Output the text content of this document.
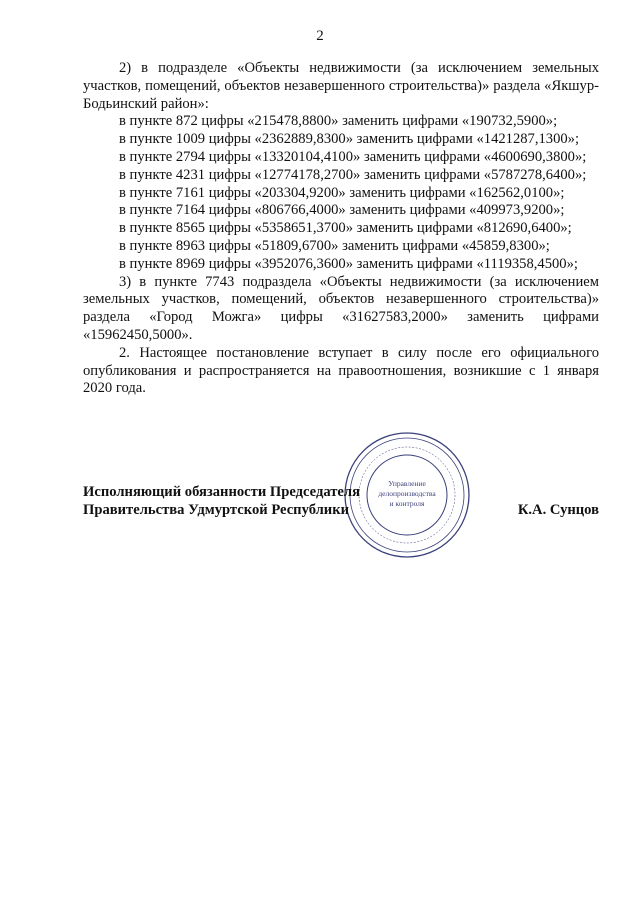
2

2) в подразделе «Объекты недвижимости (за исключением земельных участков, помещений, объектов незавершенного строительства)» раздела «Якшур-Бодьинский район»:

в пункте 872 цифры «215478,8800» заменить цифрами «190732,5900»;

в пункте 1009 цифры «2362889,8300» заменить цифрами «1421287,1300»;

в пункте 2794 цифры «13320104,4100» заменить цифрами «4600690,3800»;

в пункте 4231 цифры «12774178,2700» заменить цифрами «5787278,6400»;

в пункте 7161 цифры «203304,9200» заменить цифрами «162562,0100»;

в пункте 7164 цифры «806766,4000» заменить цифрами «409973,9200»;

в пункте 8565 цифры «5358651,3700» заменить цифрами «812690,6400»;

в пункте 8963 цифры «51809,6700» заменить цифрами «45859,8300»;

в пункте 8969 цифры «3952076,3600» заменить цифрами «1119358,4500»;

3) в пункте 7743 подраздела «Объекты недвижимости (за исключением земельных участков, помещений, объектов незавершенного строительства)» раздела «Город Можга» цифры «31627583,2000» заменить цифрами «15962450,5000».

2. Настоящее постановление вступает в силу после его официального опубликования и распространяется на правоотношения, возникшие с 1 января 2020 года.

Управление
делопроизводства
и контроля
Исполняющий обязанности Председателя
Правительства Удмуртской Республики	К.А. Сунцов
